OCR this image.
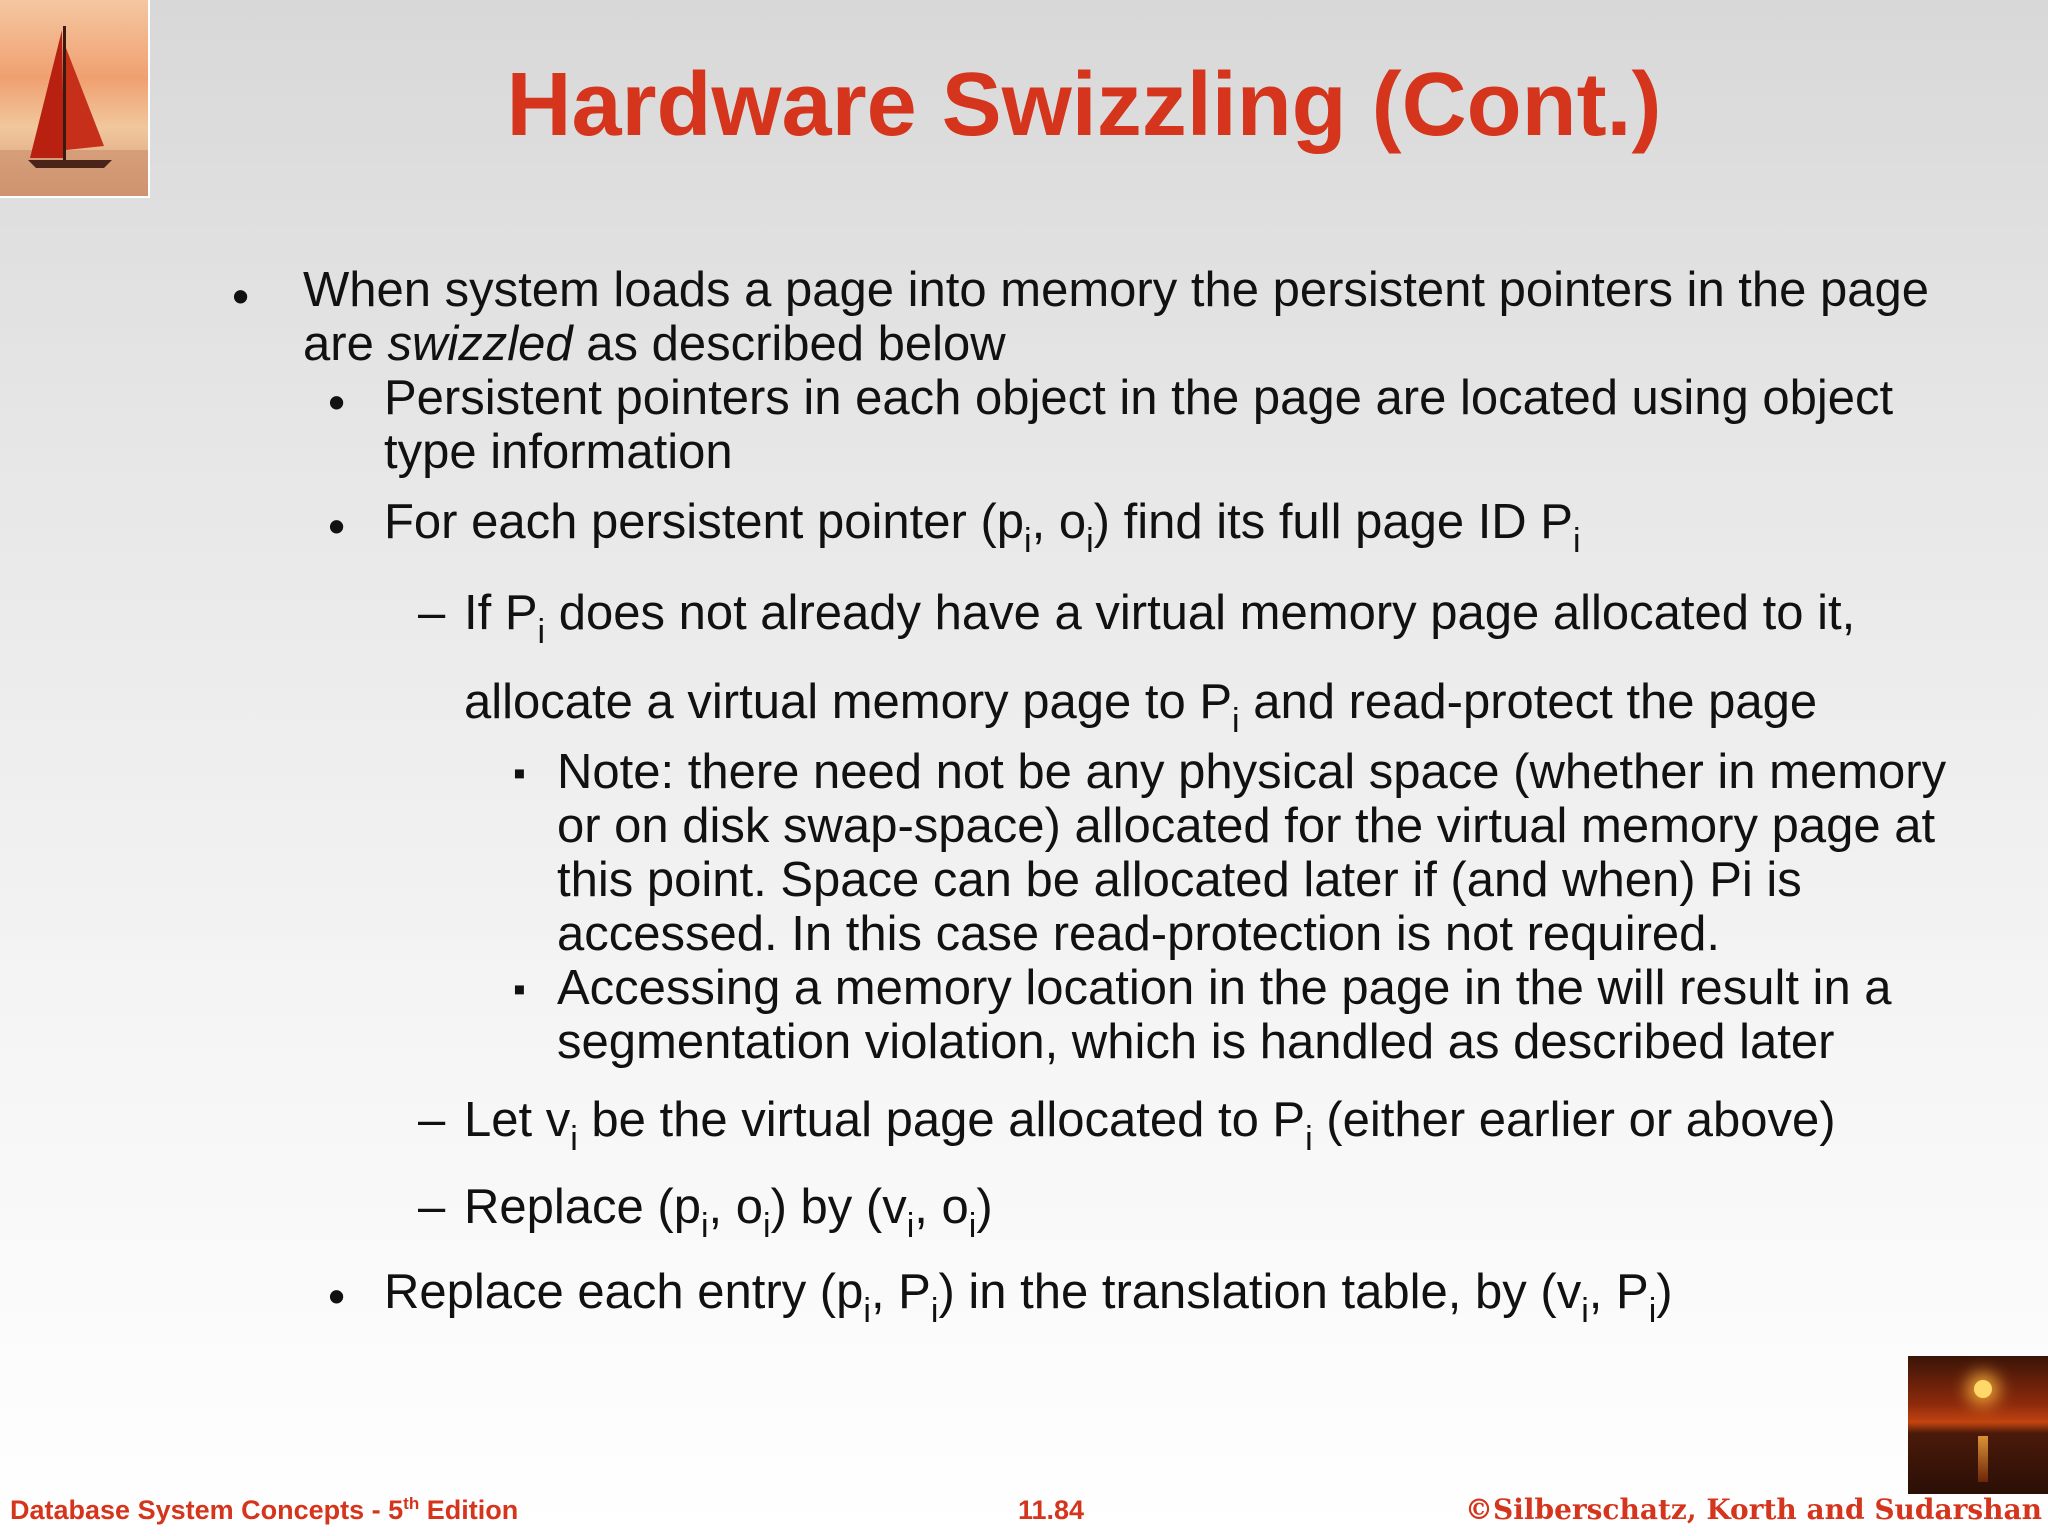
Hardware Swizzling (Cont.)
• When system loads a page into memory the persistent pointers in the page
are swizzled as described below
• Persistent pointers in each object in the page are located using object
type information
• For each persistent pointer ($p_i$, $o_i$) find its full page ID $P_i$
– If $P_i$ does not already have a virtual memory page allocated to it,
allocate a virtual memory page to $P_i$ and read-protect the page
▪ Note: there need not be any physical space (whether in memory
or on disk swap-space) allocated for the virtual memory page at
this point. Space can be allocated later if (and when) Pi is
accessed. In this case read-protection is not required.
▪ Accessing a memory location in the page in the will result in a
segmentation violation, which is handled as described later
– Let $v_i$ be the virtual page allocated to $P_i$ (either earlier or above)
– Replace ($p_i$, $o_i$) by ($v_i$, $o_i$)
• Replace each entry ($p_i$, $P_i$) in the translation table, by ($v_i$, $P_i$)
Database System Concepts - 5th Edition	11.84	©Silberschatz, Korth and Sudarshan
